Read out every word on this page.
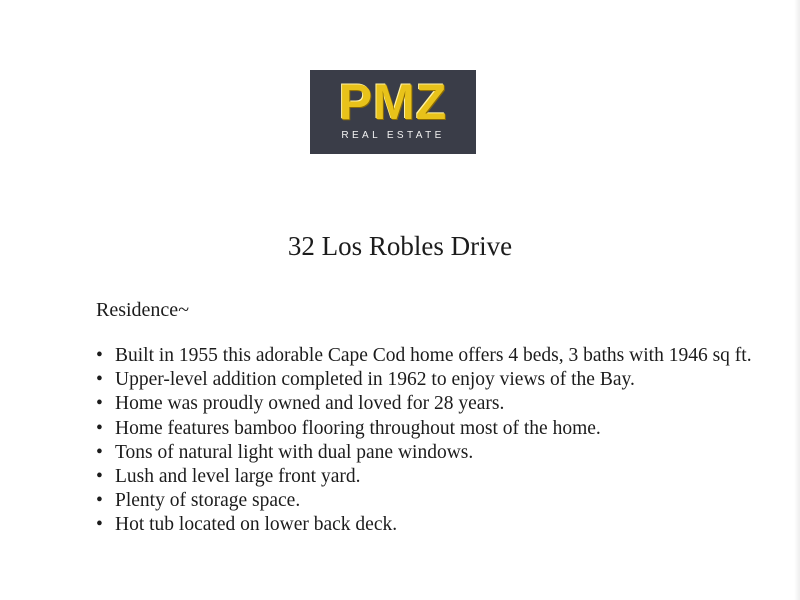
PMZ
REAL ESTATE
32 Los Robles Drive

Residence~

• Built in 1955 this adorable Cape Cod home offers 4 beds, 3 baths with 1946 sq ft.
• Upper-level addition completed in 1962 to enjoy views of the Bay.
• Home was proudly owned and loved for 28 years.
• Home features bamboo flooring throughout most of the home.
• Tons of natural light with dual pane windows.
• Lush and level large front yard.
• Plenty of storage space.
• Hot tub located on lower back deck.
